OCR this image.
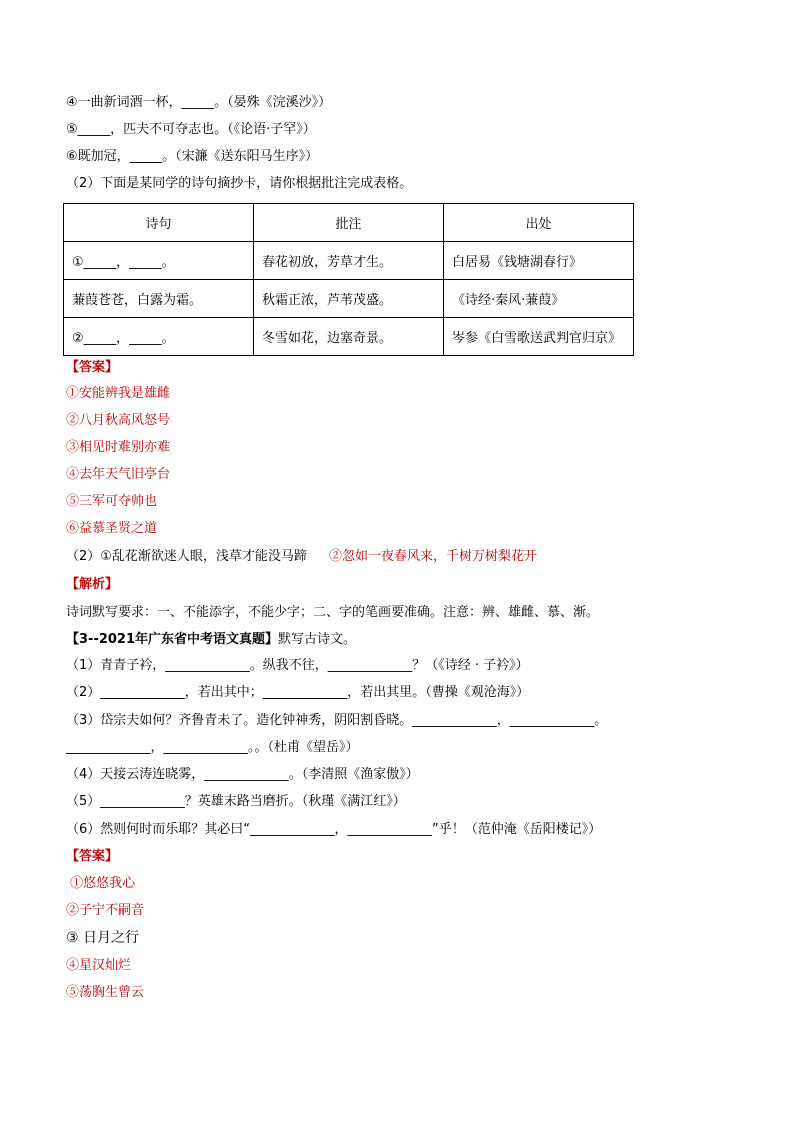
④一曲新词酒一杯，_____。（晏殊《浣溪沙》）
⑤_____，匹夫不可夺志也。（《论语·子罕》）
⑥既加冠，_____。（宋濂《送东阳马生序》）
（2）下面是某同学的诗句摘抄卡，请你根据批注完成表格。
诗句	批注	出处
①_____，_____。	春花初放，芳草才生。	白居易《钱塘湖春行》
蒹葭苍苍，白露为霜。	秋霜正浓，芦苇茂盛。	《诗经·秦风·蒹葭》
②_____，_____。	冬雪如花，边塞奇景。	岑参《白雪歌送武判官归京》
【答案】
①安能辨我是雄雌
②八月秋高风怒号
③相见时难别亦难
④去年天气旧亭台
⑤三军可夺帅也
⑥益慕圣贤之道
（2）①乱花渐欲迷人眼，浅草才能没马蹄 ②忽如一夜春风来，千树万树梨花开
【解析】
诗词默写要求：一、不能添字，不能少字；二、字的笔画要准确。注意：辨、雄雌、慕、渐。
【3--2021年广东省中考语文真题】默写古诗文。
（1）青青子衿，_____________。纵我不往，_____________？（《诗经 · 子衿》）
（2）_____________，若出其中；_____________，若出其里。（曹操《观沧海》）
（3）岱宗夫如何？齐鲁青未了。造化钟神秀，阴阳割昏晓。_____________，_____________。
_____________，_____________。。（杜甫《望岳》）
（4）天接云涛连晓雾，_____________。（李清照《渔家傲》）
（5）_____________？英雄末路当磨折。（秋瑾《满江红》）
（6）然则何时而乐耶？其必曰“_____________，_____________”乎！（范仲淹《岳阳楼记》）
【答案】
①悠悠我心
②子宁不嗣音
③ 日月之行
④星汉灿烂
⑤荡胸生曾云
